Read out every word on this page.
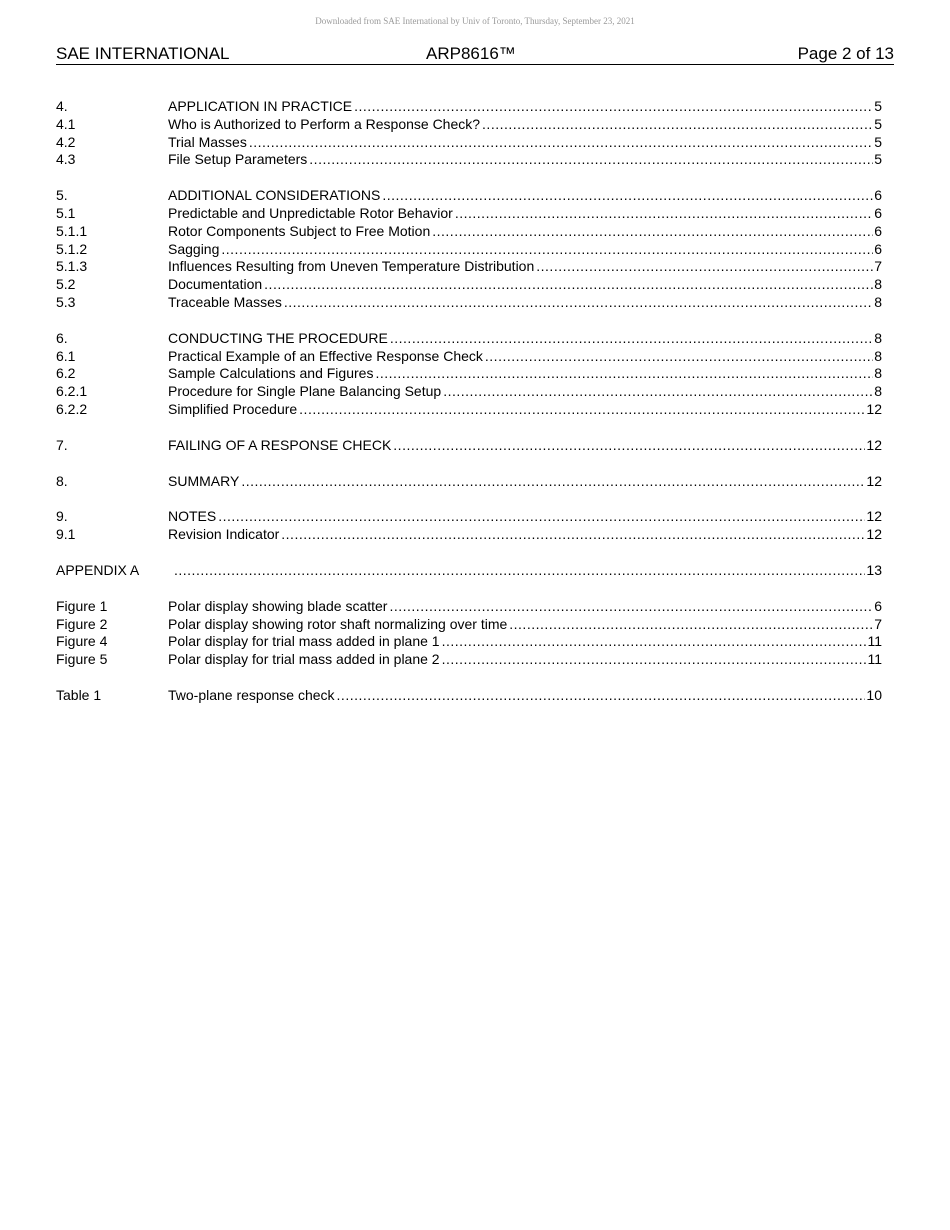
Downloaded from SAE International by Univ of Toronto, Thursday, September 23, 2021
SAE INTERNATIONAL	ARP8616™	Page 2 of 13
4.	APPLICATION IN PRACTICE .....	5
4.1	Who is Authorized to Perform a Response Check? .....	5
4.2	Trial Masses .....	5
4.3	File Setup Parameters .....	5
5.	ADDITIONAL CONSIDERATIONS .....	6
5.1	Predictable and Unpredictable Rotor Behavior .....	6
5.1.1	Rotor Components Subject to Free Motion .....	6
5.1.2	Sagging .....	6
5.1.3	Influences Resulting from Uneven Temperature Distribution .....	7
5.2	Documentation .....	8
5.3	Traceable Masses .....	8
6.	CONDUCTING THE PROCEDURE .....	8
6.1	Practical Example of an Effective Response Check .....	8
6.2	Sample Calculations and Figures .....	8
6.2.1	Procedure for Single Plane Balancing Setup .....	8
6.2.2	Simplified Procedure .....	12
7.	FAILING OF A RESPONSE CHECK .....	12
8.	SUMMARY .....	12
9.	NOTES .....	12
9.1	Revision Indicator .....	12
APPENDIX A .....	13
Figure 1	Polar display showing blade scatter .....	6
Figure 2	Polar display showing rotor shaft normalizing over time .....	7
Figure 4	Polar display for trial mass added in plane 1 .....	11
Figure 5	Polar display for trial mass added in plane 2 .....	11
Table 1	Two-plane response check .....	10
